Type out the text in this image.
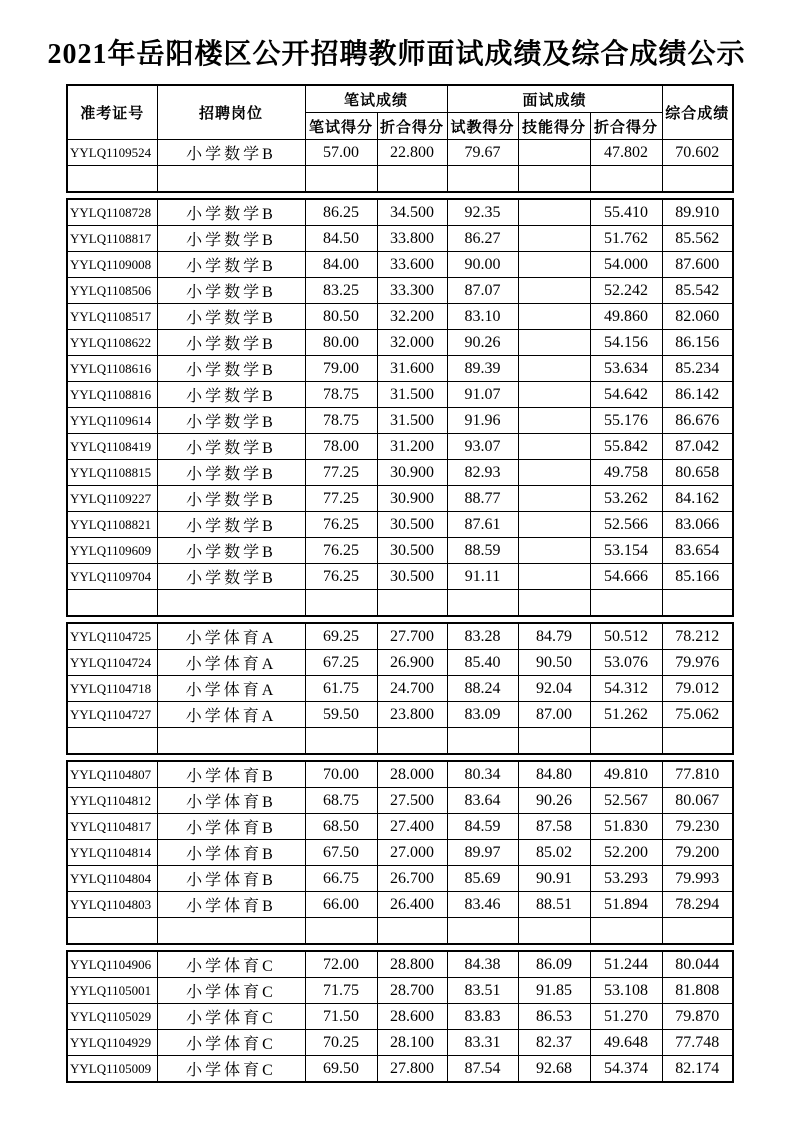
2021年岳阳楼区公开招聘教师面试成绩及综合成绩公示
准考证号	招聘岗位	笔试成绩		面试成绩			综合成绩
		笔试得分	折合得分	试教得分	技能得分	折合得分	
YYLQ1109524	小学数学B	57.00	22.800	79.67		47.802	70.602

YYLQ1108728	小学数学B	86.25	34.500	92.35		55.410	89.910
YYLQ1108817	小学数学B	84.50	33.800	86.27		51.762	85.562
YYLQ1109008	小学数学B	84.00	33.600	90.00		54.000	87.600
YYLQ1108506	小学数学B	83.25	33.300	87.07		52.242	85.542
YYLQ1108517	小学数学B	80.50	32.200	83.10		49.860	82.060
YYLQ1108622	小学数学B	80.00	32.000	90.26		54.156	86.156
YYLQ1108616	小学数学B	79.00	31.600	89.39		53.634	85.234
YYLQ1108816	小学数学B	78.75	31.500	91.07		54.642	86.142
YYLQ1109614	小学数学B	78.75	31.500	91.96		55.176	86.676
YYLQ1108419	小学数学B	78.00	31.200	93.07		55.842	87.042
YYLQ1108815	小学数学B	77.25	30.900	82.93		49.758	80.658
YYLQ1109227	小学数学B	77.25	30.900	88.77		53.262	84.162
YYLQ1108821	小学数学B	76.25	30.500	87.61		52.566	83.066
YYLQ1109609	小学数学B	76.25	30.500	88.59		53.154	83.654
YYLQ1109704	小学数学B	76.25	30.500	91.11		54.666	85.166

YYLQ1104725	小学体育A	69.25	27.700	83.28	84.79	50.512	78.212
YYLQ1104724	小学体育A	67.25	26.900	85.40	90.50	53.076	79.976
YYLQ1104718	小学体育A	61.75	24.700	88.24	92.04	54.312	79.012
YYLQ1104727	小学体育A	59.50	23.800	83.09	87.00	51.262	75.062

YYLQ1104807	小学体育B	70.00	28.000	80.34	84.80	49.810	77.810
YYLQ1104812	小学体育B	68.75	27.500	83.64	90.26	52.567	80.067
YYLQ1104817	小学体育B	68.50	27.400	84.59	87.58	51.830	79.230
YYLQ1104814	小学体育B	67.50	27.000	89.97	85.02	52.200	79.200
YYLQ1104804	小学体育B	66.75	26.700	85.69	90.91	53.293	79.993
YYLQ1104803	小学体育B	66.00	26.400	83.46	88.51	51.894	78.294

YYLQ1104906	小学体育C	72.00	28.800	84.38	86.09	51.244	80.044
YYLQ1105001	小学体育C	71.75	28.700	83.51	91.85	53.108	81.808
YYLQ1105029	小学体育C	71.50	28.600	83.83	86.53	51.270	79.870
YYLQ1104929	小学体育C	70.25	28.100	83.31	82.37	49.648	77.748
YYLQ1105009	小学体育C	69.50	27.800	87.54	92.68	54.374	82.174
